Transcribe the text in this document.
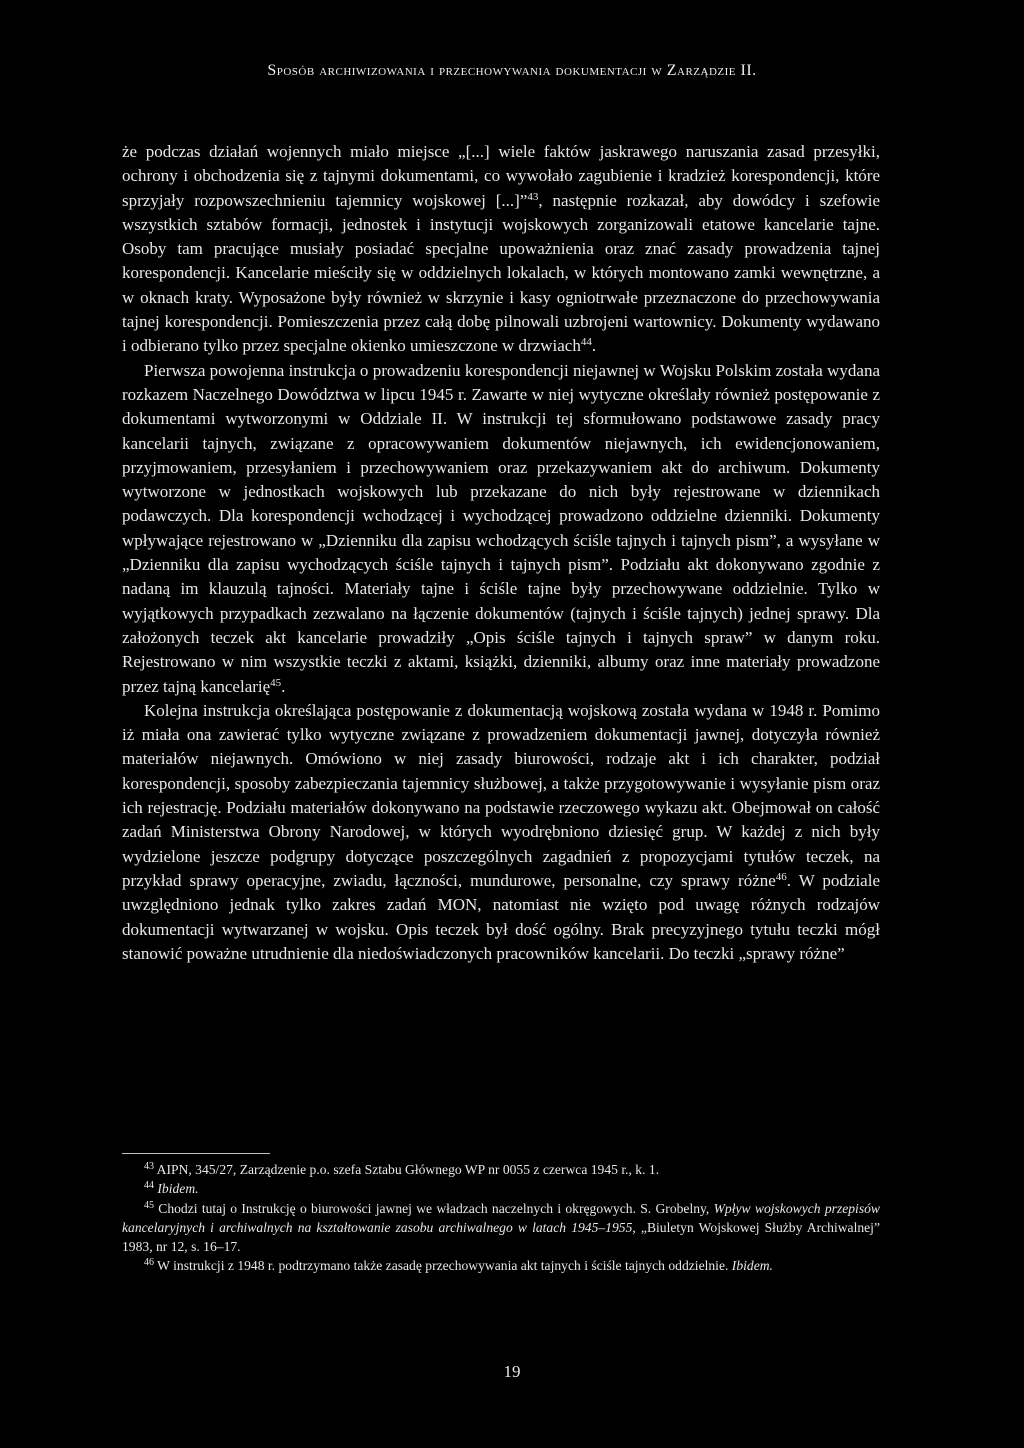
Sposób archiwizowania i przechowywania dokumentacji w Zarządzie II.

że podczas działań wojennych miało miejsce „[...] wiele faktów jaskrawego naruszania zasad przesyłki, ochrony i obchodzenia się z tajnymi dokumentami, co wywołało zagubienie i kradzież korespondencji, które sprzyjały rozpowszechnieniu tajemnicy wojskowej [...]”$^{43}$, następnie rozkazał, aby dowódcy i szefowie wszystkich sztabów formacji, jednostek i instytucji wojskowych zorganizowali etatowe kancelarie tajne. Osoby tam pracujące musiały posiadać specjalne upoważnienia oraz znać zasady prowadzenia tajnej korespondencji. Kancelarie mieściły się w oddzielnych lokalach, w których montowano zamki wewnętrzne, a w oknach kraty. Wyposażone były również w skrzynie i kasy ogniotrwałe przeznaczone do przechowywania tajnej korespondencji. Pomieszczenia przez całą dobę pilnowali uzbrojeni wartownicy. Dokumenty wydawano i odbierano tylko przez specjalne okienko umieszczone w drzwiach$^{44}$.

Pierwsza powojenna instrukcja o prowadzeniu korespondencji niejawnej w Wojsku Polskim została wydana rozkazem Naczelnego Dowództwa w lipcu 1945 r. Zawarte w niej wytyczne określały również postępowanie z dokumentami wytworzonymi w Oddziale II. W instrukcji tej sformułowano podstawowe zasady pracy kancelarii tajnych, związane z opracowywaniem dokumentów niejawnych, ich ewidencjonowaniem, przyjmowaniem, przesyłaniem i przechowywaniem oraz przekazywaniem akt do archiwum. Dokumenty wytworzone w jednostkach wojskowych lub przekazane do nich były rejestrowane w dziennikach podawczych. Dla korespondencji wchodzącej i wychodzącej prowadzono oddzielne dzienniki. Dokumenty wpływające rejestrowano w „Dzienniku dla zapisu wchodzących ściśle tajnych i tajnych pism”, a wysyłane w „Dzienniku dla zapisu wychodzących ściśle tajnych i tajnych pism”. Podziału akt dokonywano zgodnie z nadaną im klauzulą tajności. Materiały tajne i ściśle tajne były przechowywane oddzielnie. Tylko w wyjątkowych przypadkach zezwalano na łączenie dokumentów (tajnych i ściśle tajnych) jednej sprawy. Dla założonych teczek akt kancelarie prowadziły „Opis ściśle tajnych i tajnych spraw” w danym roku. Rejestrowano w nim wszystkie teczki z aktami, książki, dzienniki, albumy oraz inne materiały prowadzone przez tajną kancelarię$^{45}$.

Kolejna instrukcja określająca postępowanie z dokumentacją wojskową została wydana w 1948 r. Pomimo iż miała ona zawierać tylko wytyczne związane z prowadzeniem dokumentacji jawnej, dotyczyła również materiałów niejawnych. Omówiono w niej zasady biurowości, rodzaje akt i ich charakter, podział korespondencji, sposoby zabezpieczania tajemnicy służbowej, a także przygotowywanie i wysyłanie pism oraz ich rejestrację. Podziału materiałów dokonywano na podstawie rzeczowego wykazu akt. Obejmował on całość zadań Ministerstwa Obrony Narodowej, w których wyodrębniono dziesięć grup. W każdej z nich były wydzielone jeszcze podgrupy dotyczące poszczególnych zagadnień z propozycjami tytułów teczek, na przykład sprawy operacyjne, zwiadu, łączności, mundurowe, personalne, czy sprawy różne$^{46}$. W podziale uwzględniono jednak tylko zakres zadań MON, natomiast nie wzięto pod uwagę różnych rodzajów dokumentacji wytwarzanej w wojsku. Opis teczek był dość ogólny. Brak precyzyjnego tytułu teczki mógł stanowić poważne utrudnienie dla niedoświadczonych pracowników kancelarii. Do teczki „sprawy różne”

$^{43}$ AIPN, 345/27, Zarządzenie p.o. szefa Sztabu Głównego WP nr 0055 z czerwca 1945 r., k. 1.

$^{44}$ Ibidem.

$^{45}$ Chodzi tutaj o Instrukcję o biurowości jawnej we władzach naczelnych i okręgowych. S. Grobelny, Wpływ wojskowych przepisów kancelaryjnych i archiwalnych na kształtowanie zasobu archiwalnego w latach 1945–1955, „Biuletyn Wojskowej Służby Archiwalnej” 1983, nr 12, s. 16–17.

$^{46}$ W instrukcji z 1948 r. podtrzymano także zasadę przechowywania akt tajnych i ściśle tajnych oddzielnie. Ibidem.

19
